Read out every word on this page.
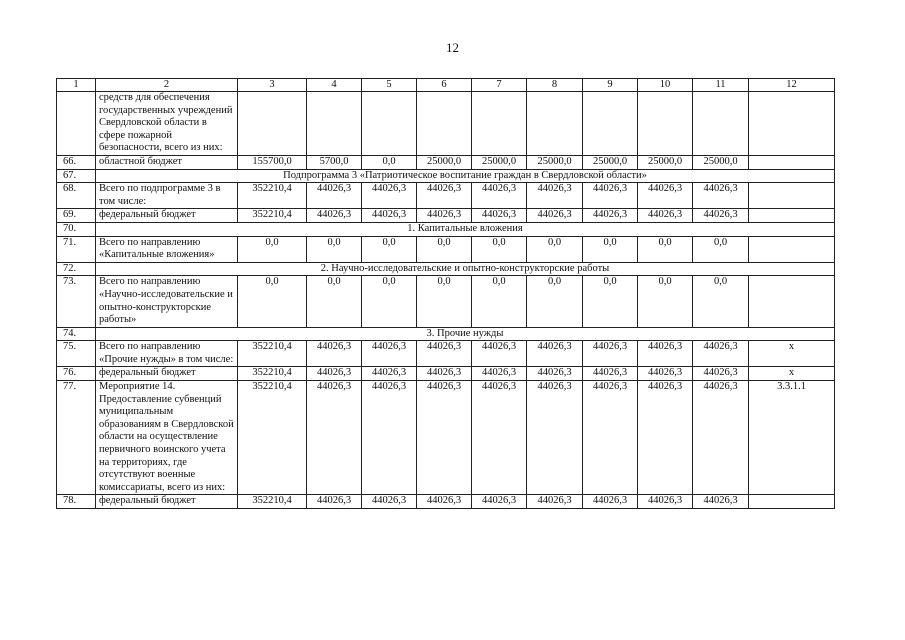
12
1	2	3	4	5	6	7	8	9	10	11	12
	средств для обеспечения государственных учреждений Свердловской области в сфере пожарной безопасности, всего из них:										
66.	областной бюджет	155700,0	5700,0	0,0	25000,0	25000,0	25000,0	25000,0	25000,0	25000,0	
67.	Подпрограмма 3 «Патриотическое воспитание граждан в Свердловской области»										
68.	Всего по подпрограмме 3 в том числе:	352210,4	44026,3	44026,3	44026,3	44026,3	44026,3	44026,3	44026,3	44026,3	
69.	федеральный бюджет	352210,4	44026,3	44026,3	44026,3	44026,3	44026,3	44026,3	44026,3	44026,3	
70.	1. Капитальные вложения										
71.	Всего по направлению «Капитальные вложения»	0,0	0,0	0,0	0,0	0,0	0,0	0,0	0,0	0,0	
72.	2. Научно-исследовательские и опытно-конструкторские работы										
73.	Всего по направлению «Научно-исследовательские и опытно-конструкторские работы»	0,0	0,0	0,0	0,0	0,0	0,0	0,0	0,0	0,0	
74.	3. Прочие нужды										
75.	Всего по направлению «Прочие нужды» в том числе:	352210,4	44026,3	44026,3	44026,3	44026,3	44026,3	44026,3	44026,3	44026,3	х
76.	федеральный бюджет	352210,4	44026,3	44026,3	44026,3	44026,3	44026,3	44026,3	44026,3	44026,3	х
77.	Мероприятие 14. Предоставление субвенций муниципальным образованиям в Свердловской области на осуществление первичного воинского учета на территориях, где отсутствуют военные комиссариаты, всего из них:	352210,4	44026,3	44026,3	44026,3	44026,3	44026,3	44026,3	44026,3	44026,3	3.3.1.1
78.	федеральный бюджет	352210,4	44026,3	44026,3	44026,3	44026,3	44026,3	44026,3	44026,3	44026,3	
